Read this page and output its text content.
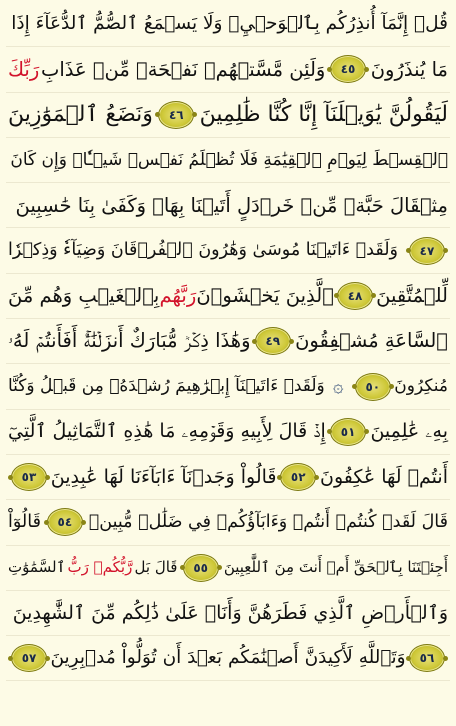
قُلۡ إِنَّمَآ أُنذِرُكُم بِٱلۡوَحۡيِۚ وَلَا يَسۡمَعُ ٱلصُّمُّ ٱلدُّعَآءَ إِذَا
مَا يُنذَرُونَ
٤٥
وَلَئِن مَّسَّتۡهُمۡ نَفۡحَةٞ مِّنۡ عَذَابِ
رَبِّكَ
لَيَقُولُنَّ يَٰوَيۡلَنَآ إِنَّا كُنَّا ظَٰلِمِينَ
٤٦
وَنَضَعُ ٱلۡمَوَٰزِينَ
ٱلۡقِسۡطَ لِيَوۡمِ ٱلۡقِيَٰمَةِ فَلَا تُظۡلَمُ نَفۡسٞ شَيۡـٔٗاۖ وَإِن كَانَ
مِثۡقَالَ حَبَّةٖ مِّنۡ خَرۡدَلٍ أَتَيۡنَا بِهَاۗ وَكَفَىٰ بِنَا حَٰسِبِينَ
٤٧
وَلَقَدۡ ءَاتَيۡنَا مُوسَىٰ وَهَٰرُونَ ٱلۡفُرۡقَانَ وَضِيَآءٗ وَذِكۡرٗا
لِّلۡمُتَّقِينَ
٤٨
ٱلَّذِينَ يَخۡشَوۡنَ
رَبَّهُم
بِٱلۡغَيۡبِ وَهُم مِّنَ
ٱلسَّاعَةِ مُشۡفِقُونَ
٤٩
وَهَٰذَا ذِكۡرٞ مُّبَارَكٌ أَنزَلۡنَٰهُۚ أَفَأَنتُمۡ لَهُۥ
مُنكِرُونَ
٥٠
۞
وَلَقَدۡ ءَاتَيۡنَآ إِبۡرَٰهِيمَ رُشۡدَهُۥ مِن قَبۡلُ وَكُنَّا
بِهِۦ عَٰلِمِينَ
٥١
إِذۡ قَالَ لِأَبِيهِ وَقَوۡمِهِۦ مَا هَٰذِهِ ٱلتَّمَاثِيلُ ٱلَّتِيٓ
أَنتُمۡ لَهَا عَٰكِفُونَ
٥٢
قَالُواْ وَجَدۡنَآ ءَابَآءَنَا لَهَا عَٰبِدِينَ
٥٣
قَالَ لَقَدۡ كُنتُمۡ أَنتُمۡ وَءَابَآؤُكُمۡ فِي ضَلَٰلٖ مُّبِينٖ
٥٤
قَالُوٓاْ
أَجِئۡتَنَا بِٱلۡحَقِّ أَمۡ أَنتَ مِنَ ٱللَّٰعِبِينَ
٥٥
قَالَ بَل
رَّبُّكُمۡ رَبُّ
ٱلسَّمَٰوَٰتِ
وَٱلۡأَرۡضِ ٱلَّذِي فَطَرَهُنَّ وَأَنَا۠ عَلَىٰ ذَٰلِكُم مِّنَ ٱلشَّٰهِدِينَ
٥٦
وَتَٱللَّهِ لَأَكِيدَنَّ أَصۡنَٰمَكُم بَعۡدَ أَن تُوَلُّواْ مُدۡبِرِينَ
٥٧
